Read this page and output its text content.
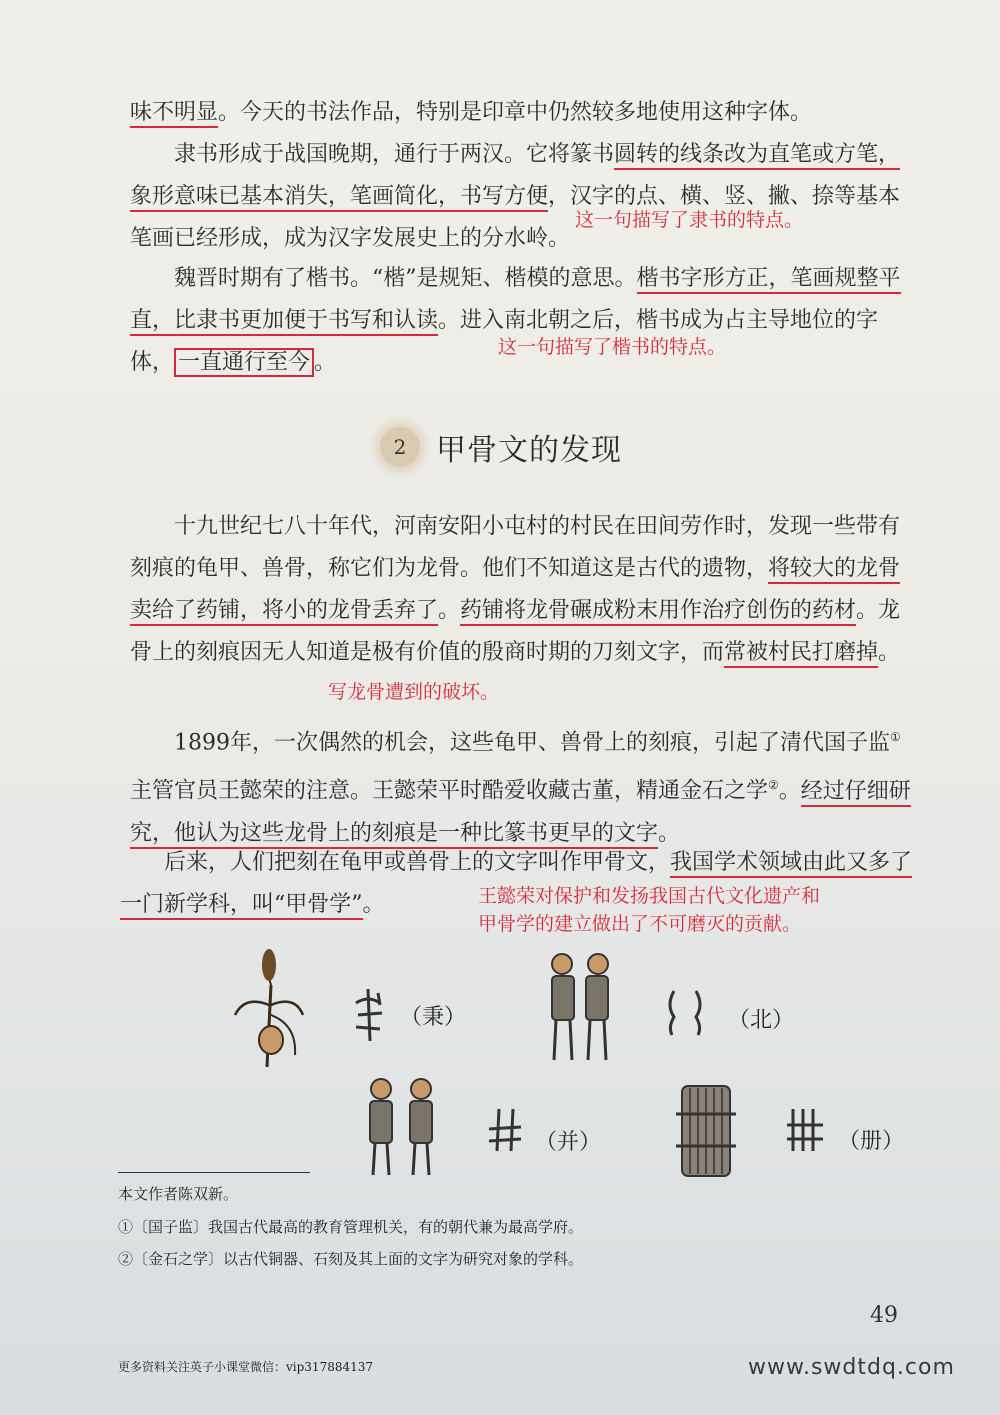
味不明显。今天的书法作品，特别是印章中仍然较多地使用这种字体。

隶书形成于战国晚期，通行于两汉。它将篆书圆转的线条改为直笔或方笔，象形意味已基本消失，笔画简化，书写方便，汉字的点、横、竖、撇、捺等基本笔画已经形成，成为汉字发展史上的分水岭。

这一句描写了隶书的特点。

魏晋时期有了楷书。“楷”是规矩、楷模的意思。楷书字形方正，笔画规整平直，比隶书更加便于书写和认读。进入南北朝之后，楷书成为占主导地位的字体， 一直通行至今 。

这一句描写了楷书的特点。
2 甲骨文的发现

十九世纪七八十年代，河南安阳小屯村的村民在田间劳作时，发现一些带有刻痕的龟甲、兽骨，称它们为龙骨。他们不知道这是古代的遗物，将较大的龙骨卖给了药铺，将小的龙骨丢弃了。药铺将龙骨碾成粉末用作治疗创伤的药材。龙骨上的刻痕因无人知道是极有价值的殷商时期的刀刻文字，而常被村民打磨掉。

写龙骨遭到的破坏。

1899年，一次偶然的机会，这些龟甲、兽骨上的刻痕，引起了清代国子监①主管官员王懿荣的注意。王懿荣平时酷爱收藏古董，精通金石之学②。经过仔细研究，他认为这些龙骨上的刻痕是一种比篆书更早的文字。

后来，人们把刻在龟甲或兽骨上的文字叫作甲骨文，我国学术领域由此又多了一门新学科，叫“甲骨学”。	王懿荣对保护和发扬我国古代文化遗产和甲骨学的建立做出了不可磨灭的贡献。
（秉）	（北）
（并）	（册）
本文作者陈双新。
①〔国子监〕我国古代最高的教育管理机关，有的朝代兼为最高学府。
②〔金石之学〕以古代铜器、石刻及其上面的文字为研究对象的学科。
49
更多资料关注英子小课堂微信：vip317884137	www.swdtdq.com
